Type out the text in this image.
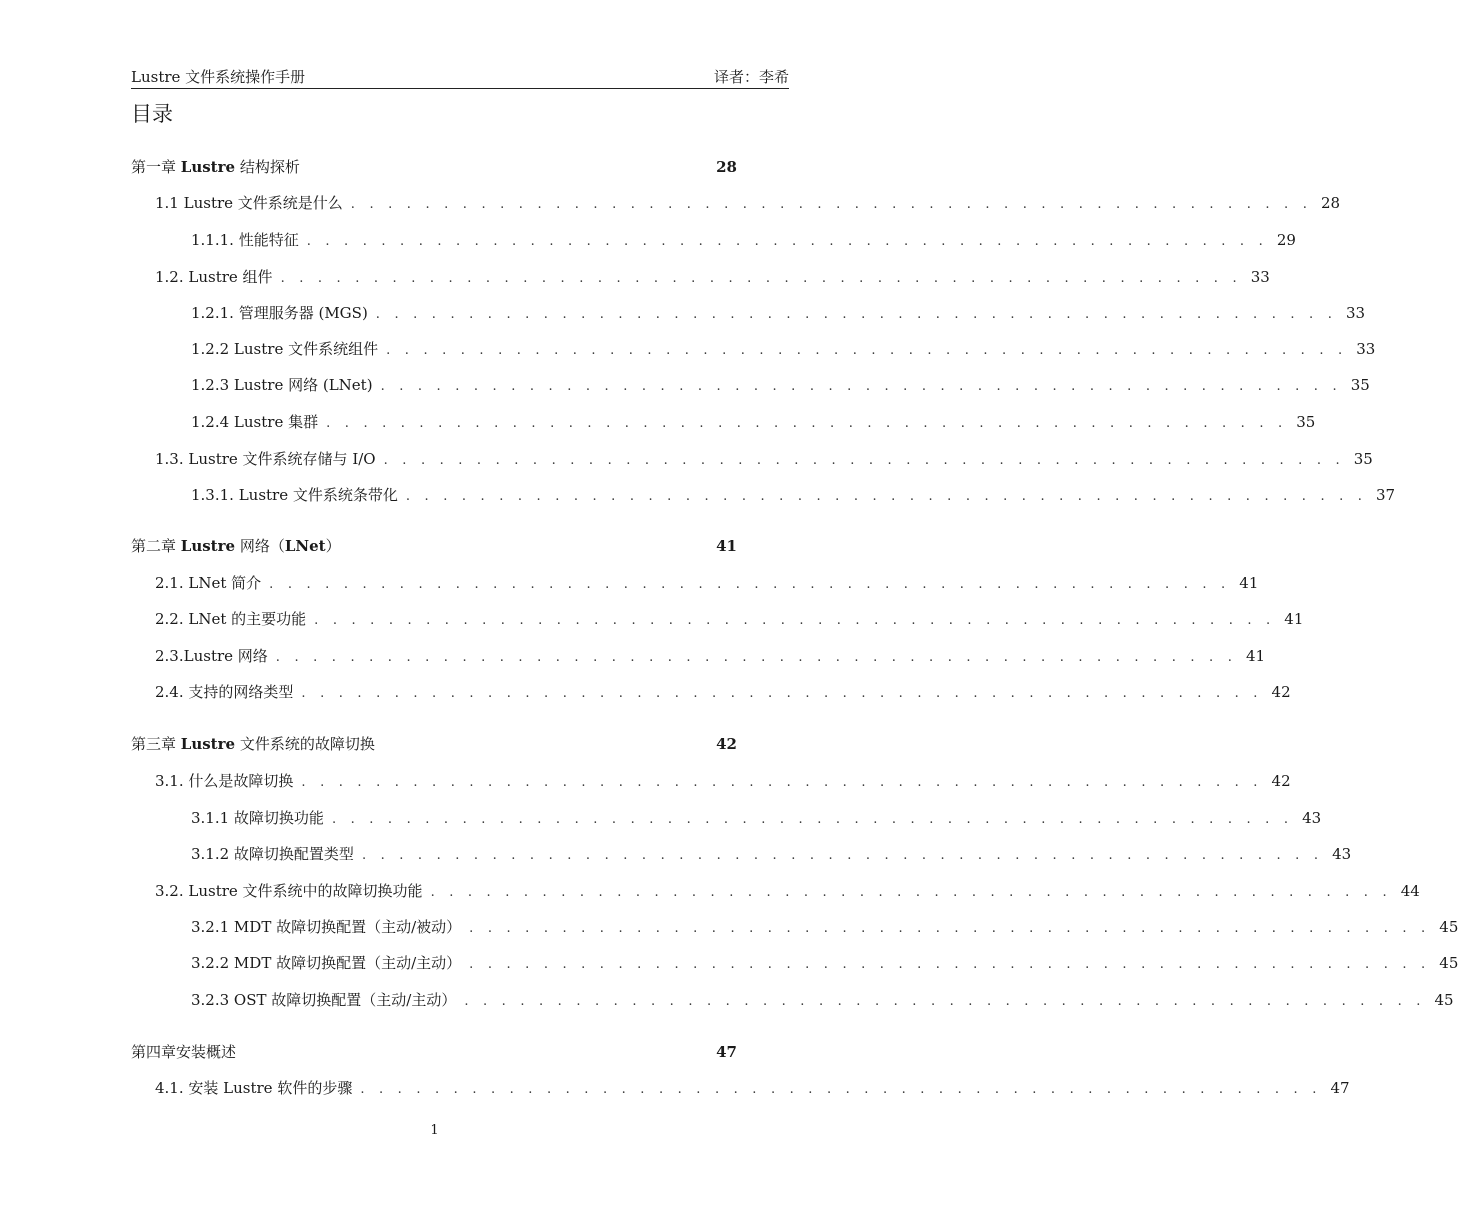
Lustre 文件系统操作手册	译者：李希
目录
第一章 Lustre 结构探析	28
1.1 Lustre 文件系统是什么 . . . . . . . . . . . . . . . . . . . . . . . . . . . . . . . . . . . . . . . . . . . . . . . . . . . . 28
1.1.1. 性能特征 . . . . . . . . . . . . . . . . . . . . . . . . . . . . . . . . . . . . . . . . . . . . . . . . . . . . 29
1.2. Lustre 组件 . . . . . . . . . . . . . . . . . . . . . . . . . . . . . . . . . . . . . . . . . . . . . . . . . . . . 33
1.2.1. 管理服务器 (MGS) . . . . . . . . . . . . . . . . . . . . . . . . . . . . . . . . . . . . . . . . . . . . . . . . . . . . 33
1.2.2 Lustre 文件系统组件 . . . . . . . . . . . . . . . . . . . . . . . . . . . . . . . . . . . . . . . . . . . . . . . . . . . . 33
1.2.3 Lustre 网络 (LNet) . . . . . . . . . . . . . . . . . . . . . . . . . . . . . . . . . . . . . . . . . . . . . . . . . . . . 35
1.2.4 Lustre 集群 . . . . . . . . . . . . . . . . . . . . . . . . . . . . . . . . . . . . . . . . . . . . . . . . . . . . 35
1.3. Lustre 文件系统存储与 I/O . . . . . . . . . . . . . . . . . . . . . . . . . . . . . . . . . . . . . . . . . . . . . . . . . . . . 35
1.3.1. Lustre 文件系统条带化 . . . . . . . . . . . . . . . . . . . . . . . . . . . . . . . . . . . . . . . . . . . . . . . . . . . . 37
第二章 Lustre 网络（LNet）	41
2.1. LNet 简介 . . . . . . . . . . . . . . . . . . . . . . . . . . . . . . . . . . . . . . . . . . . . . . . . . . . . 41
2.2. LNet 的主要功能 . . . . . . . . . . . . . . . . . . . . . . . . . . . . . . . . . . . . . . . . . . . . . . . . . . . . 41
2.3.Lustre 网络 . . . . . . . . . . . . . . . . . . . . . . . . . . . . . . . . . . . . . . . . . . . . . . . . . . . . 41
2.4. 支持的网络类型 . . . . . . . . . . . . . . . . . . . . . . . . . . . . . . . . . . . . . . . . . . . . . . . . . . . . 42
第三章 Lustre 文件系统的故障切换	42
3.1. 什么是故障切换 . . . . . . . . . . . . . . . . . . . . . . . . . . . . . . . . . . . . . . . . . . . . . . . . . . . . 42
3.1.1 故障切换功能 . . . . . . . . . . . . . . . . . . . . . . . . . . . . . . . . . . . . . . . . . . . . . . . . . . . . 43
3.1.2 故障切换配置类型 . . . . . . . . . . . . . . . . . . . . . . . . . . . . . . . . . . . . . . . . . . . . . . . . . . . . 43
3.2. Lustre 文件系统中的故障切换功能 . . . . . . . . . . . . . . . . . . . . . . . . . . . . . . . . . . . . . . . . . . . . . . . . . . . . 44
3.2.1 MDT 故障切换配置（主动/被动） . . . . . . . . . . . . . . . . . . . . . . . . . . . . . . . . . . . . . . . . . . . . . . . . . . . . 45
3.2.2 MDT 故障切换配置（主动/主动） . . . . . . . . . . . . . . . . . . . . . . . . . . . . . . . . . . . . . . . . . . . . . . . . . . . . 45
3.2.3 OST 故障切换配置（主动/主动） . . . . . . . . . . . . . . . . . . . . . . . . . . . . . . . . . . . . . . . . . . . . . . . . . . . . 45
第四章安装概述	47
4.1. 安装 Lustre 软件的步骤 . . . . . . . . . . . . . . . . . . . . . . . . . . . . . . . . . . . . . . . . . . . . . . . . . . . . 47
1
